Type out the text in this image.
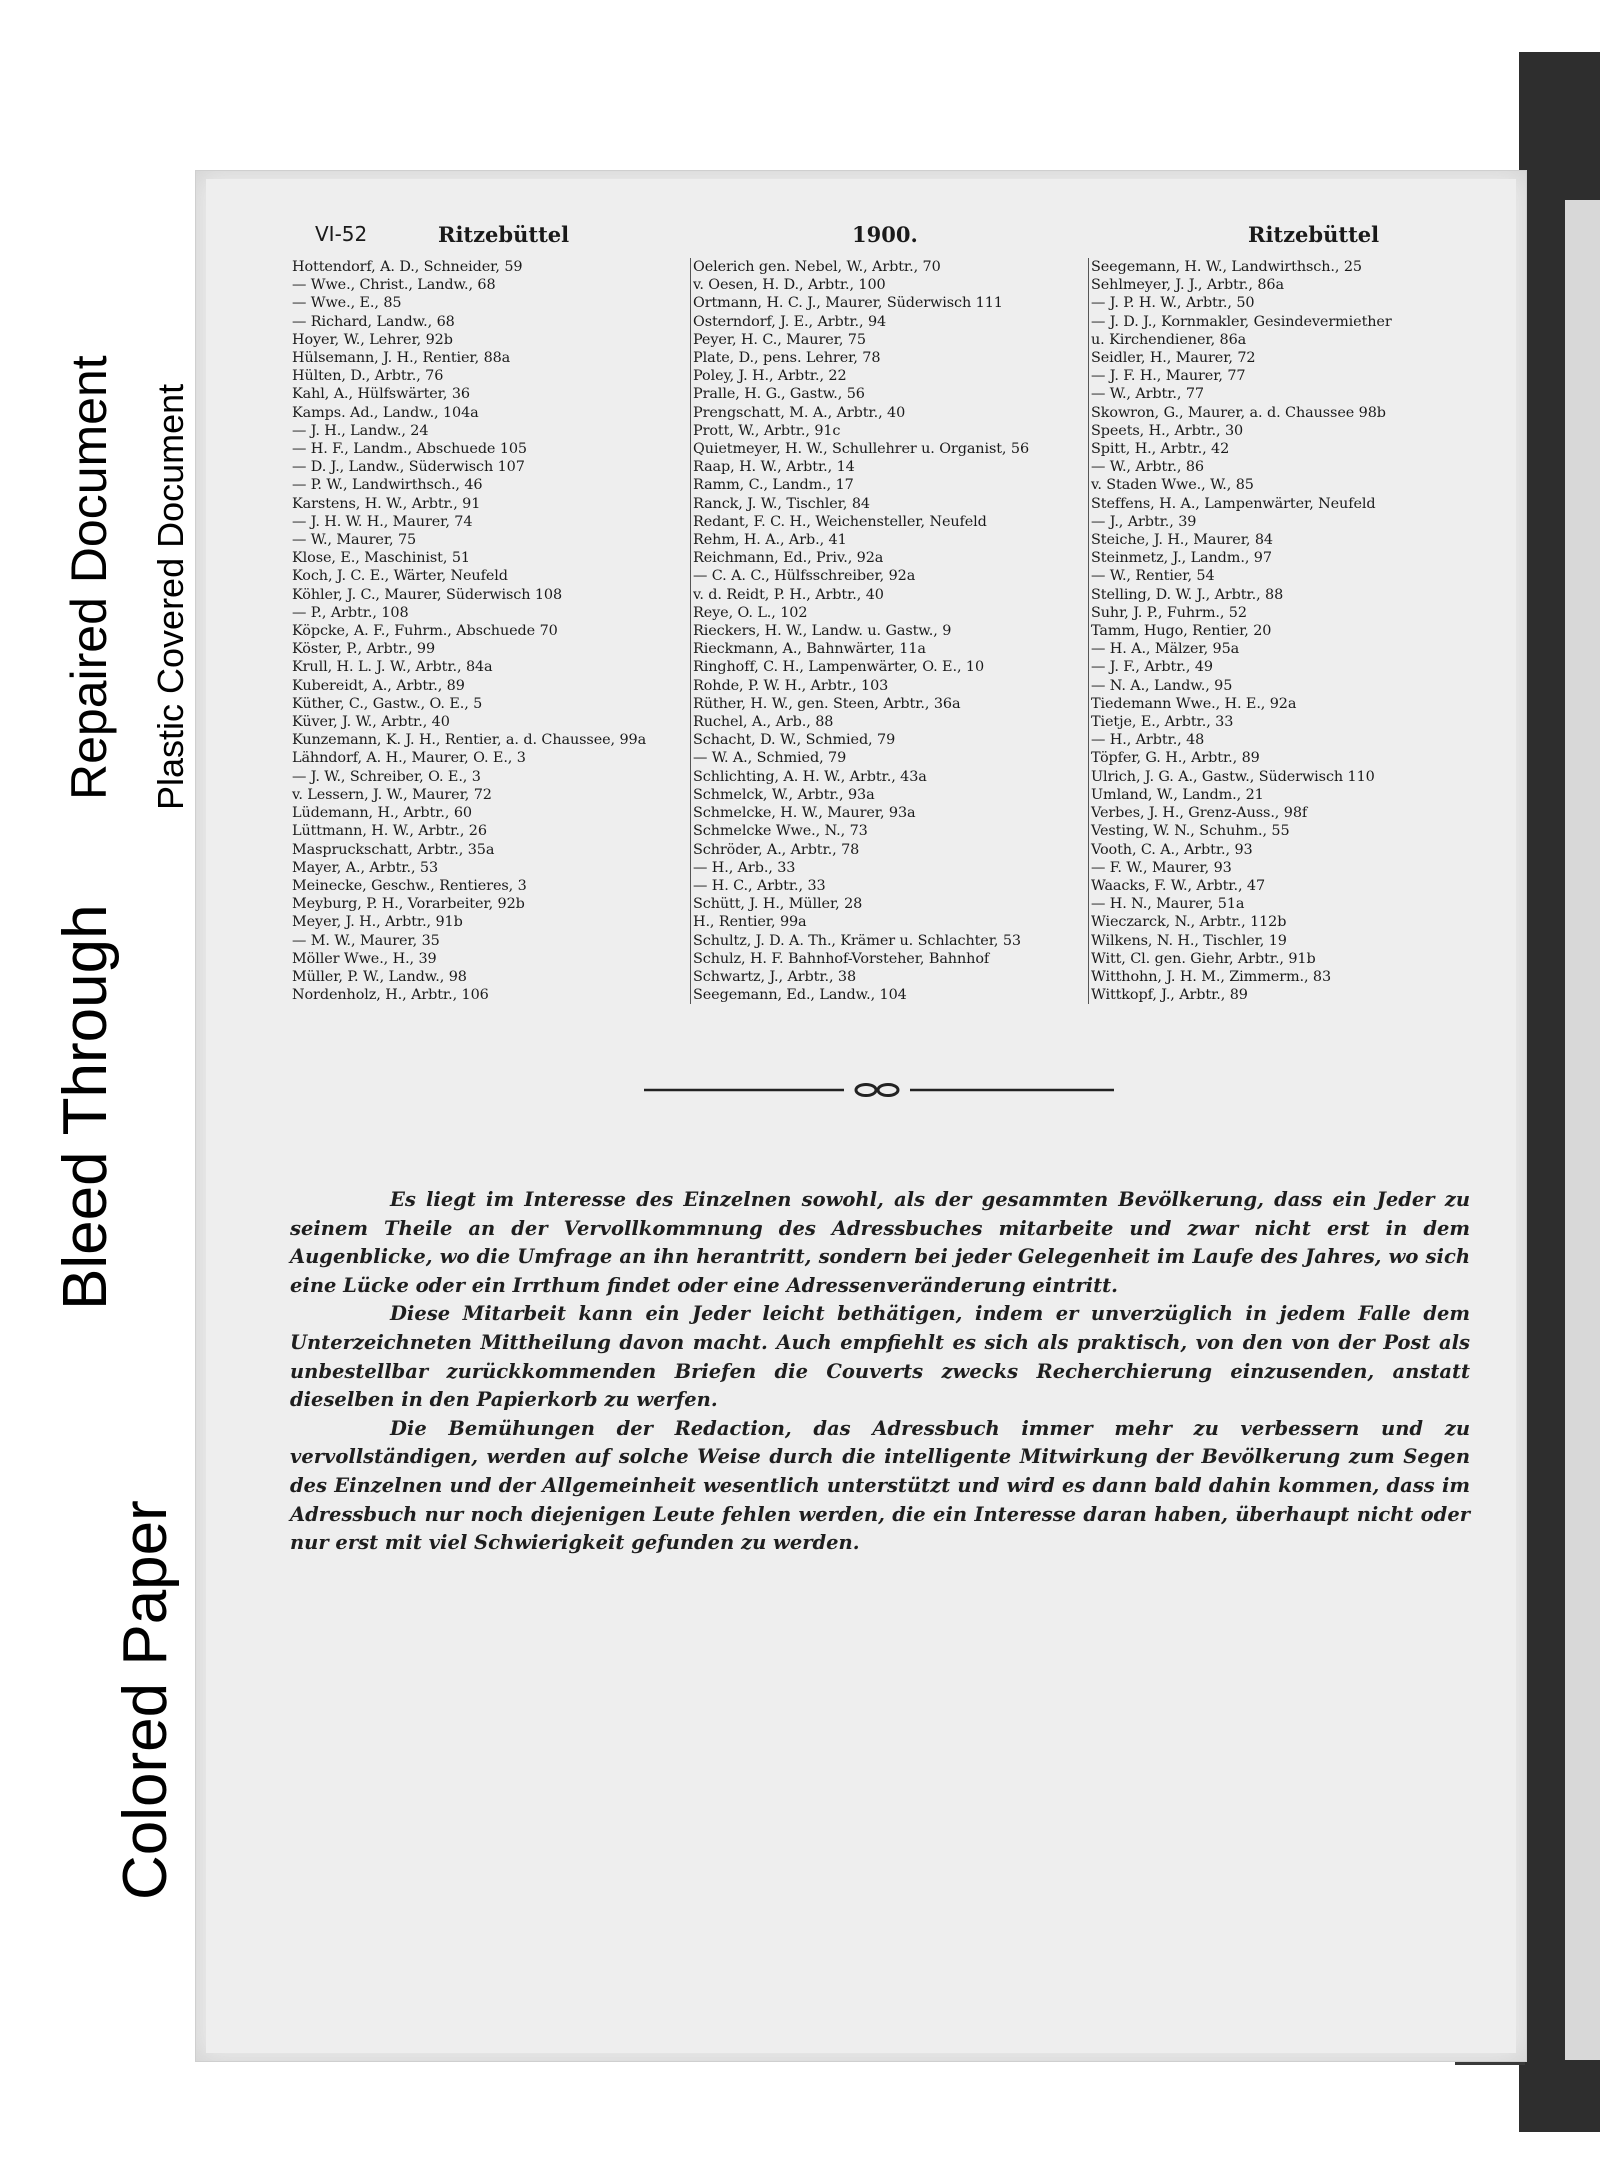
Bleed Through
Repaired Document Plastic Covered Document
Colored Paper
VI-52	Ritzebüttel	1900.	Ritzebüttel
Hottendorf, A. D., Schneider, 59
— Wwe., Christ., Landw., 68
— Wwe., E., 85
— Richard, Landw., 68
Hoyer, W., Lehrer, 92b
Hülsemann, J. H., Rentier, 88a
Hülten, D., Arbtr., 76
Kahl, A., Hülfswärter, 36
Kamps. Ad., Landw., 104a
— J. H., Landw., 24
— H. F., Landm., Abschuede 105
— D. J., Landw., Süderwisch 107
— P. W., Landwirthsch., 46
Karstens, H. W., Arbtr., 91
— J. H. W. H., Maurer, 74
— W., Maurer, 75
Klose, E., Maschinist, 51
Koch, J. C. E., Wärter, Neufeld
Köhler, J. C., Maurer, Süderwisch 108
— P., Arbtr., 108
Köpcke, A. F., Fuhrm., Abschuede 70
Köster, P., Arbtr., 99
Krull, H. L. J. W., Arbtr., 84a
Kubereidt, A., Arbtr., 89
Küther, C., Gastw., O. E., 5
Küver, J. W., Arbtr., 40
Kunzemann, K. J. H., Rentier, a. d. Chaussee, 99a
Lähndorf, A. H., Maurer, O. E., 3
— J. W., Schreiber, O. E., 3
v. Lessern, J. W., Maurer, 72
Lüdemann, H., Arbtr., 60
Lüttmann, H. W., Arbtr., 26
Maspruckschatt, Arbtr., 35a
Mayer, A., Arbtr., 53
Meinecke, Geschw., Rentieres, 3
Meyburg, P. H., Vorarbeiter, 92b
Meyer, J. H., Arbtr., 91b
— M. W., Maurer, 35
Möller Wwe., H., 39
Müller, P. W., Landw., 98
Nordenholz, H., Arbtr., 106
Oelerich gen. Nebel, W., Arbtr., 70
v. Oesen, H. D., Arbtr., 100
Ortmann, H. C. J., Maurer, Süderwisch 111
Osterndorf, J. E., Arbtr., 94
Peyer, H. C., Maurer, 75
Plate, D., pens. Lehrer, 78
Poley, J. H., Arbtr., 22
Pralle, H. G., Gastw., 56
Prengschatt, M. A., Arbtr., 40
Prott, W., Arbtr., 91c
Quietmeyer, H. W., Schullehrer u. Organist, 56
Raap, H. W., Arbtr., 14
Ramm, C., Landm., 17
Ranck, J. W., Tischler, 84
Redant, F. C. H., Weichensteller, Neufeld
Rehm, H. A., Arb., 41
Reichmann, Ed., Priv., 92a
— C. A. C., Hülfsschreiber, 92a
v. d. Reidt, P. H., Arbtr., 40
Reye, O. L., 102
Rieckers, H. W., Landw. u. Gastw., 9
Rieckmann, A., Bahnwärter, 11a
Ringhoff, C. H., Lampenwärter, O. E., 10
Rohde, P. W. H., Arbtr., 103
Rüther, H. W., gen. Steen, Arbtr., 36a
Ruchel, A., Arb., 88
Schacht, D. W., Schmied, 79
— W. A., Schmied, 79
Schlichting, A. H. W., Arbtr., 43a
Schmelck, W., Arbtr., 93a
Schmelcke, H. W., Maurer, 93a
Schmelcke Wwe., N., 73
Schröder, A., Arbtr., 78
— H., Arb., 33
— H. C., Arbtr., 33
Schütt, J. H., Müller, 28
H., Rentier, 99a
Schultz, J. D. A. Th., Krämer u. Schlachter, 53
Schulz, H. F. Bahnhof-Vorsteher, Bahnhof
Schwartz, J., Arbtr., 38
Seegemann, Ed., Landw., 104
Seegemann, H. W., Landwirthsch., 25
Sehlmeyer, J. J., Arbtr., 86a
— J. P. H. W., Arbtr., 50
— J. D. J., Kornmakler, Gesindevermiether
u. Kirchendiener, 86a
Seidler, H., Maurer, 72
— J. F. H., Maurer, 77
— W., Arbtr., 77
Skowron, G., Maurer, a. d. Chaussee 98b
Speets, H., Arbtr., 30
Spitt, H., Arbtr., 42
— W., Arbtr., 86
v. Staden Wwe., W., 85
Steffens, H. A., Lampenwärter, Neufeld
— J., Arbtr., 39
Steiche, J. H., Maurer, 84
Steinmetz, J., Landm., 97
— W., Rentier, 54
Stelling, D. W. J., Arbtr., 88
Suhr, J. P., Fuhrm., 52
Tamm, Hugo, Rentier, 20
— H. A., Mälzer, 95a
— J. F., Arbtr., 49
— N. A., Landw., 95
Tiedemann Wwe., H. E., 92a
Tietje, E., Arbtr., 33
— H., Arbtr., 48
Töpfer, G. H., Arbtr., 89
Ulrich, J. G. A., Gastw., Süderwisch 110
Umland, W., Landm., 21
Verbes, J. H., Grenz-Auss., 98f
Vesting, W. N., Schuhm., 55
Vooth, C. A., Arbtr., 93
— F. W., Maurer, 93
Waacks, F. W., Arbtr., 47
— H. N., Maurer, 51a
Wieczarck, N., Arbtr., 112b
Wilkens, N. H., Tischler, 19
Witt, Cl. gen. Giehr, Arbtr., 91b
Witthohn, J. H. M., Zimmerm., 83
Wittkopf, J., Arbtr., 89

Es liegt im Interesse des Einzelnen sowohl, als der gesammten Bevölkerung, dass ein Jeder zu seinem Theile an der Vervollkommnung des Adressbuches mitarbeite und zwar nicht erst in dem Augenblicke, wo die Umfrage an ihn herantritt, sondern bei jeder Gelegenheit im Laufe des Jahres, wo sich eine Lücke oder ein Irrthum findet oder eine Adressenveränderung eintritt.

Diese Mitarbeit kann ein Jeder leicht bethätigen, indem er unverzüglich in jedem Falle dem Unterzeichneten Mittheilung davon macht. Auch empfiehlt es sich als praktisch, von den von der Post als unbestellbar zurückkommenden Briefen die Couverts zwecks Recherchierung einzusenden, anstatt dieselben in den Papierkorb zu werfen.

Die Bemühungen der Redaction, das Adressbuch immer mehr zu verbessern und zu vervollständigen, werden auf solche Weise durch die intelligente Mitwirkung der Bevölkerung zum Segen des Einzelnen und der Allgemeinheit wesentlich unterstützt und wird es dann bald dahin kommen, dass im Adressbuch nur noch diejenigen Leute fehlen werden, die ein Interesse daran haben, überhaupt nicht oder nur erst mit viel Schwierigkeit gefunden zu werden.
